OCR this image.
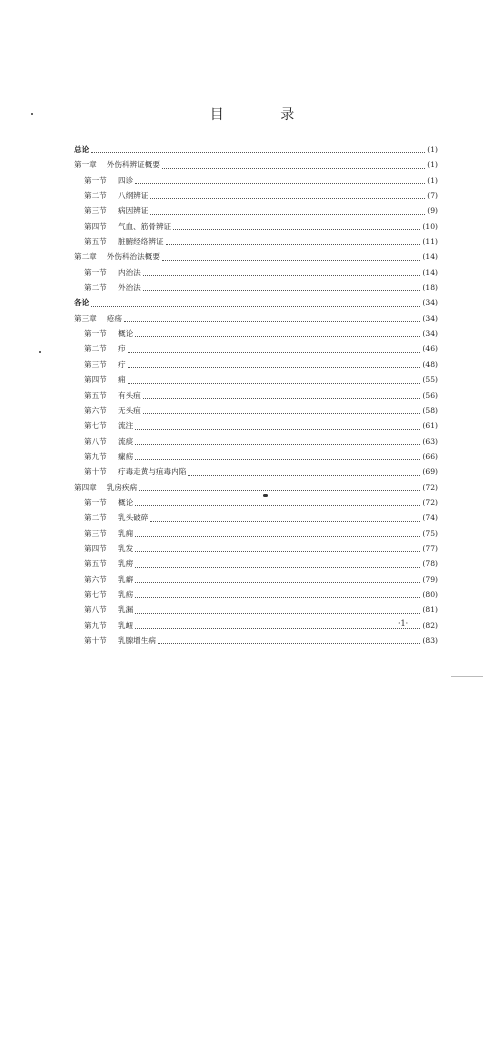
目 录
总论	(1)
第一章 外伤科辨证概要	(1)
第一节	四诊	(1)
第二节	八纲辨证	(7)
第三节	病因辨证	(9)
第四节	气血、筋骨辨证	(10)
第五节	脏腑经络辨证	(11)
第二章 外伤科治法概要	(14)
第一节	内治法	(14)
第二节	外治法	(18)
各论	(34)
第三章 疮疡	(34)
第一节	概论	(34)
第二节	疖	(46)
第三节	疔	(48)
第四节	痈	(55)
第五节	有头疽	(56)
第六节	无头疽	(58)
第七节	流注	(61)
第八节	流痰	(63)
第九节	瘰疬	(66)
第十节	疔毒走黄与疽毒内陷	(69)
第四章 乳房疾病	(72)
第一节	概论	(72)
第二节	乳头破碎	(74)
第三节	乳痈	(75)
第四节	乳发	(77)
第五节	乳痨	(78)
第六节	乳癖	(79)
第七节	乳疬	(80)
第八节	乳漏	(81)
第九节	乳衄	(82)
第十节	乳腺增生病	(83)
·1·
